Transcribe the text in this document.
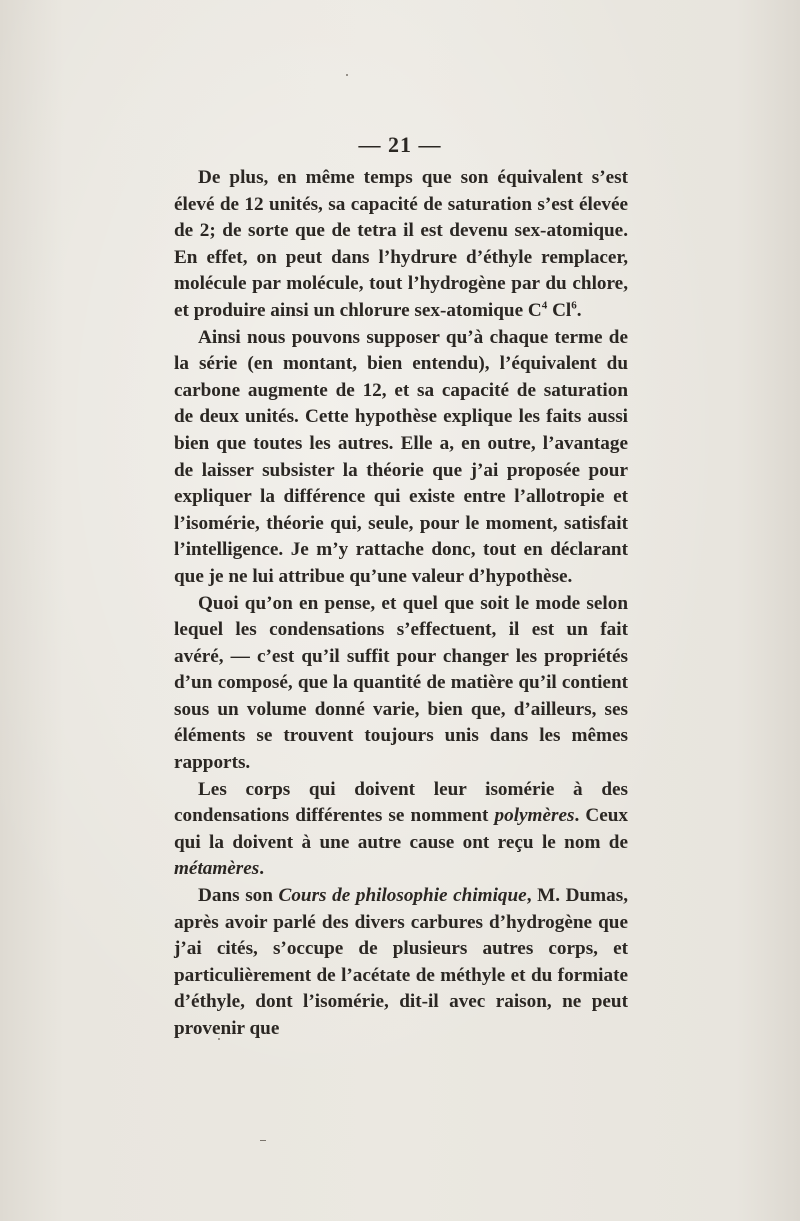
— 21 —

De plus, en même temps que son équivalent s’est élevé de 12 unités, sa capacité de saturation s’est élevée de 2; de sorte que de tetra il est devenu sex-atomique. En effet, on peut dans l’hydrure d’éthyle remplacer, molécule par molécule, tout l’hydrogène par du chlore, et produire ainsi un chlorure sex-atomique $C^4$ Cl$^6$.

Ainsi nous pouvons supposer qu’à chaque terme de la série (en montant, bien entendu), l’équivalent du carbone augmente de 12, et sa capacité de saturation de deux unités. Cette hypothèse explique les faits aussi bien que toutes les autres. Elle a, en outre, l’avantage de laisser subsister la théorie que j’ai proposée pour expliquer la différence qui existe entre l’allotropie et l’isomérie, théorie qui, seule, pour le moment, satisfait l’intelligence. Je m’y rattache donc, tout en déclarant que je ne lui attribue qu’une valeur d’hypothèse.

Quoi qu’on en pense, et quel que soit le mode selon lequel les condensations s’effectuent, il est un fait avéré, — c’est qu’il suffit pour changer les propriétés d’un composé, que la quantité de matière qu’il contient sous un volume donné varie, bien que, d’ailleurs, ses éléments se trouvent toujours unis dans les mêmes rapports.

Les corps qui doivent leur isomérie à des condensations différentes se nomment polymères. Ceux qui la doivent à une autre cause ont reçu le nom de métamères.

Dans son Cours de philosophie chimique, M. Dumas, après avoir parlé des divers carbures d’hydrogène que j’ai cités, s’occupe de plusieurs autres corps, et particulièrement de l’acétate de méthyle et du formiate d’éthyle, dont l’isomérie, dit-il avec raison, ne peut provenir que
